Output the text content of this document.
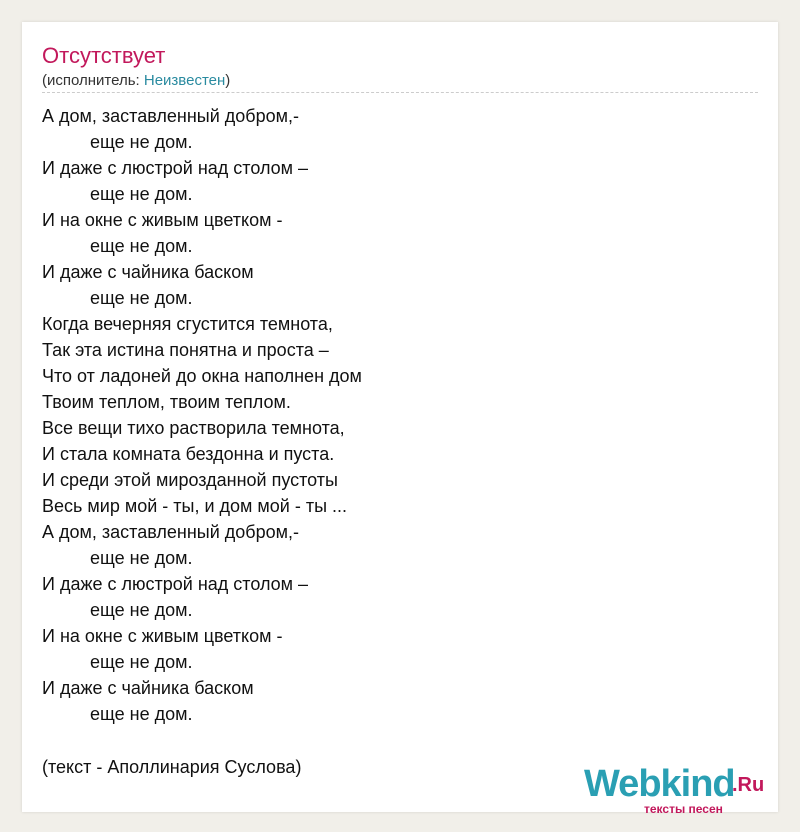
Отсутствует
(исполнитель: Неизвестен)
А дом, заставленный добром,-
еще не дом.
И даже с люстрой над столом –
еще не дом.
И на окне с живым цветком -
еще не дом.
И даже с чайника баском
еще не дом.
Когда вечерняя сгустится темнота,
Так эта истина понятна и проста –
Что от ладоней до окна наполнен дом
Твоим теплом, твоим теплом.
Все вещи тихо растворила темнота,
И стала комната бездонна и пуста.
И среди этой мирозданной пустоты
Весь мир мой - ты, и дом мой - ты ...
А дом, заставленный добром,-
еще не дом.
И даже с люстрой над столом –
еще не дом.
И на окне с живым цветком -
еще не дом.
И даже с чайника баском
еще не дом.
(текст - Аполлинария Суслова)	Webkind
.Ru
тексты песен
